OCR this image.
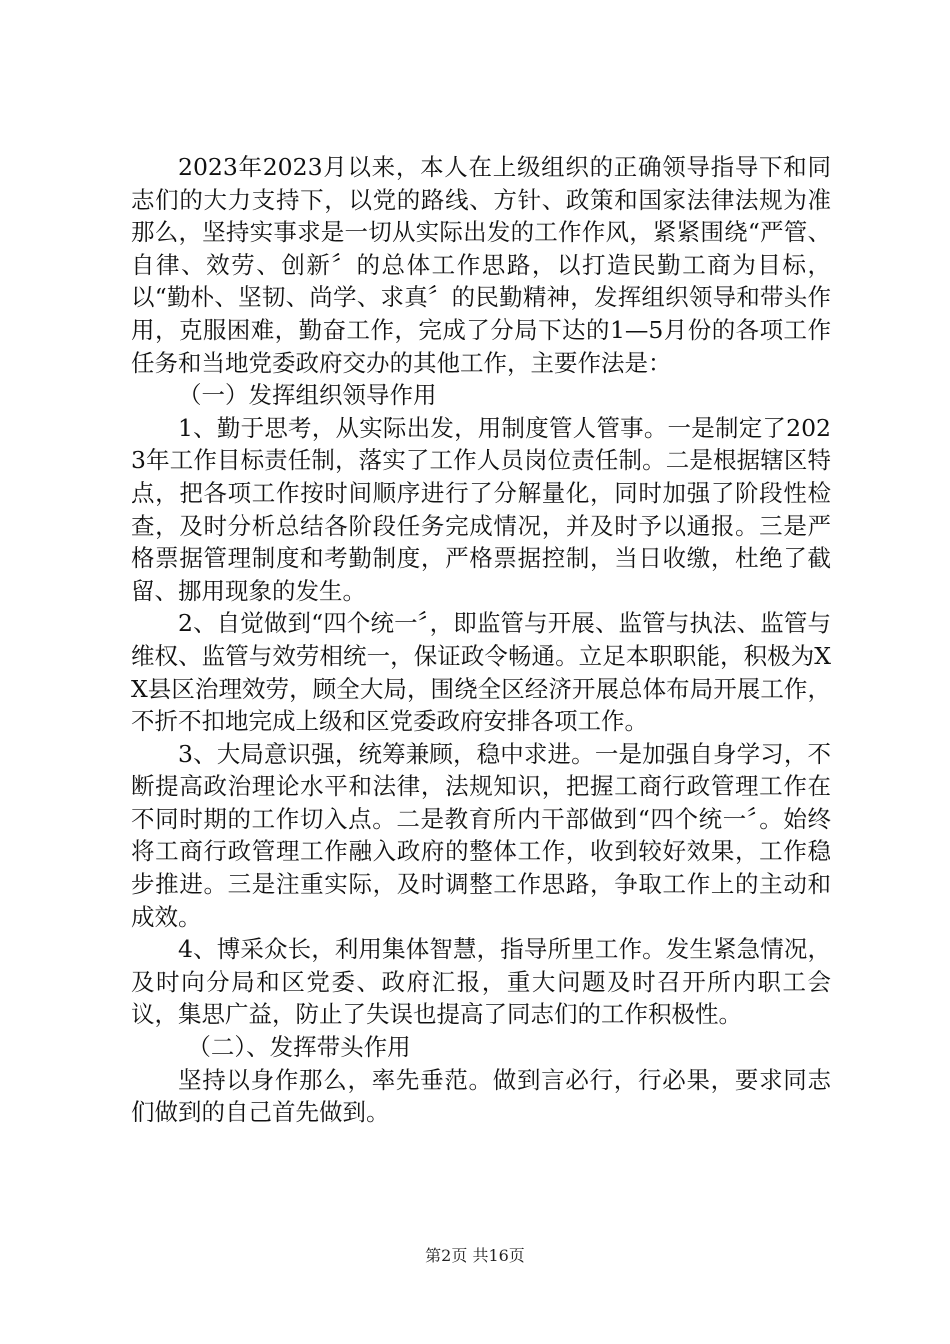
2023年2023月以来，本人在上级组织的正确领导指导下和同志们的大力支持下，以党的路线、方针、政策和国家法律法规为准那么，坚持实事求是一切从实际出发的工作作风，紧紧围绕“严管、自律、效劳、创新〞的总体工作思路，以打造民勤工商为目标，以“勤朴、坚韧、尚学、求真〞的民勤精神，发挥组织领导和带头作用，克服困难，勤奋工作，完成了分局下达的1—5月份的各项工作任务和当地党委政府交办的其他工作，主要作法是：

（一）发挥组织领导作用

1、勤于思考，从实际出发，用制度管人管事。一是制定了2023年工作目标责任制，落实了工作人员岗位责任制。二是根据辖区特点，把各项工作按时间顺序进行了分解量化，同时加强了阶段性检查，及时分析总结各阶段任务完成情况，并及时予以通报。三是严格票据管理制度和考勤制度，严格票据控制，当日收缴，杜绝了截留、挪用现象的发生。

2、自觉做到“四个统一〞，即监管与开展、监管与执法、监管与维权、监管与效劳相统一，保证政令畅通。立足本职职能，积极为XX县区治理效劳，顾全大局，围绕全区经济开展总体布局开展工作，不折不扣地完成上级和区党委政府安排各项工作。

3、大局意识强，统筹兼顾，稳中求进。一是加强自身学习，不断提高政治理论水平和法律，法规知识，把握工商行政管理工作在不同时期的工作切入点。二是教育所内干部做到“四个统一〞。始终将工商行政管理工作融入政府的整体工作，收到较好效果，工作稳步推进。三是注重实际，及时调整工作思路，争取工作上的主动和成效。

4、博采众长，利用集体智慧，指导所里工作。发生紧急情况，及时向分局和区党委、政府汇报，重大问题及时召开所内职工会议，集思广益，防止了失误也提高了同志们的工作积极性。

（二）、发挥带头作用

坚持以身作那么，率先垂范。做到言必行，行必果，要求同志们做到的自己首先做到。

第2页 共16页
